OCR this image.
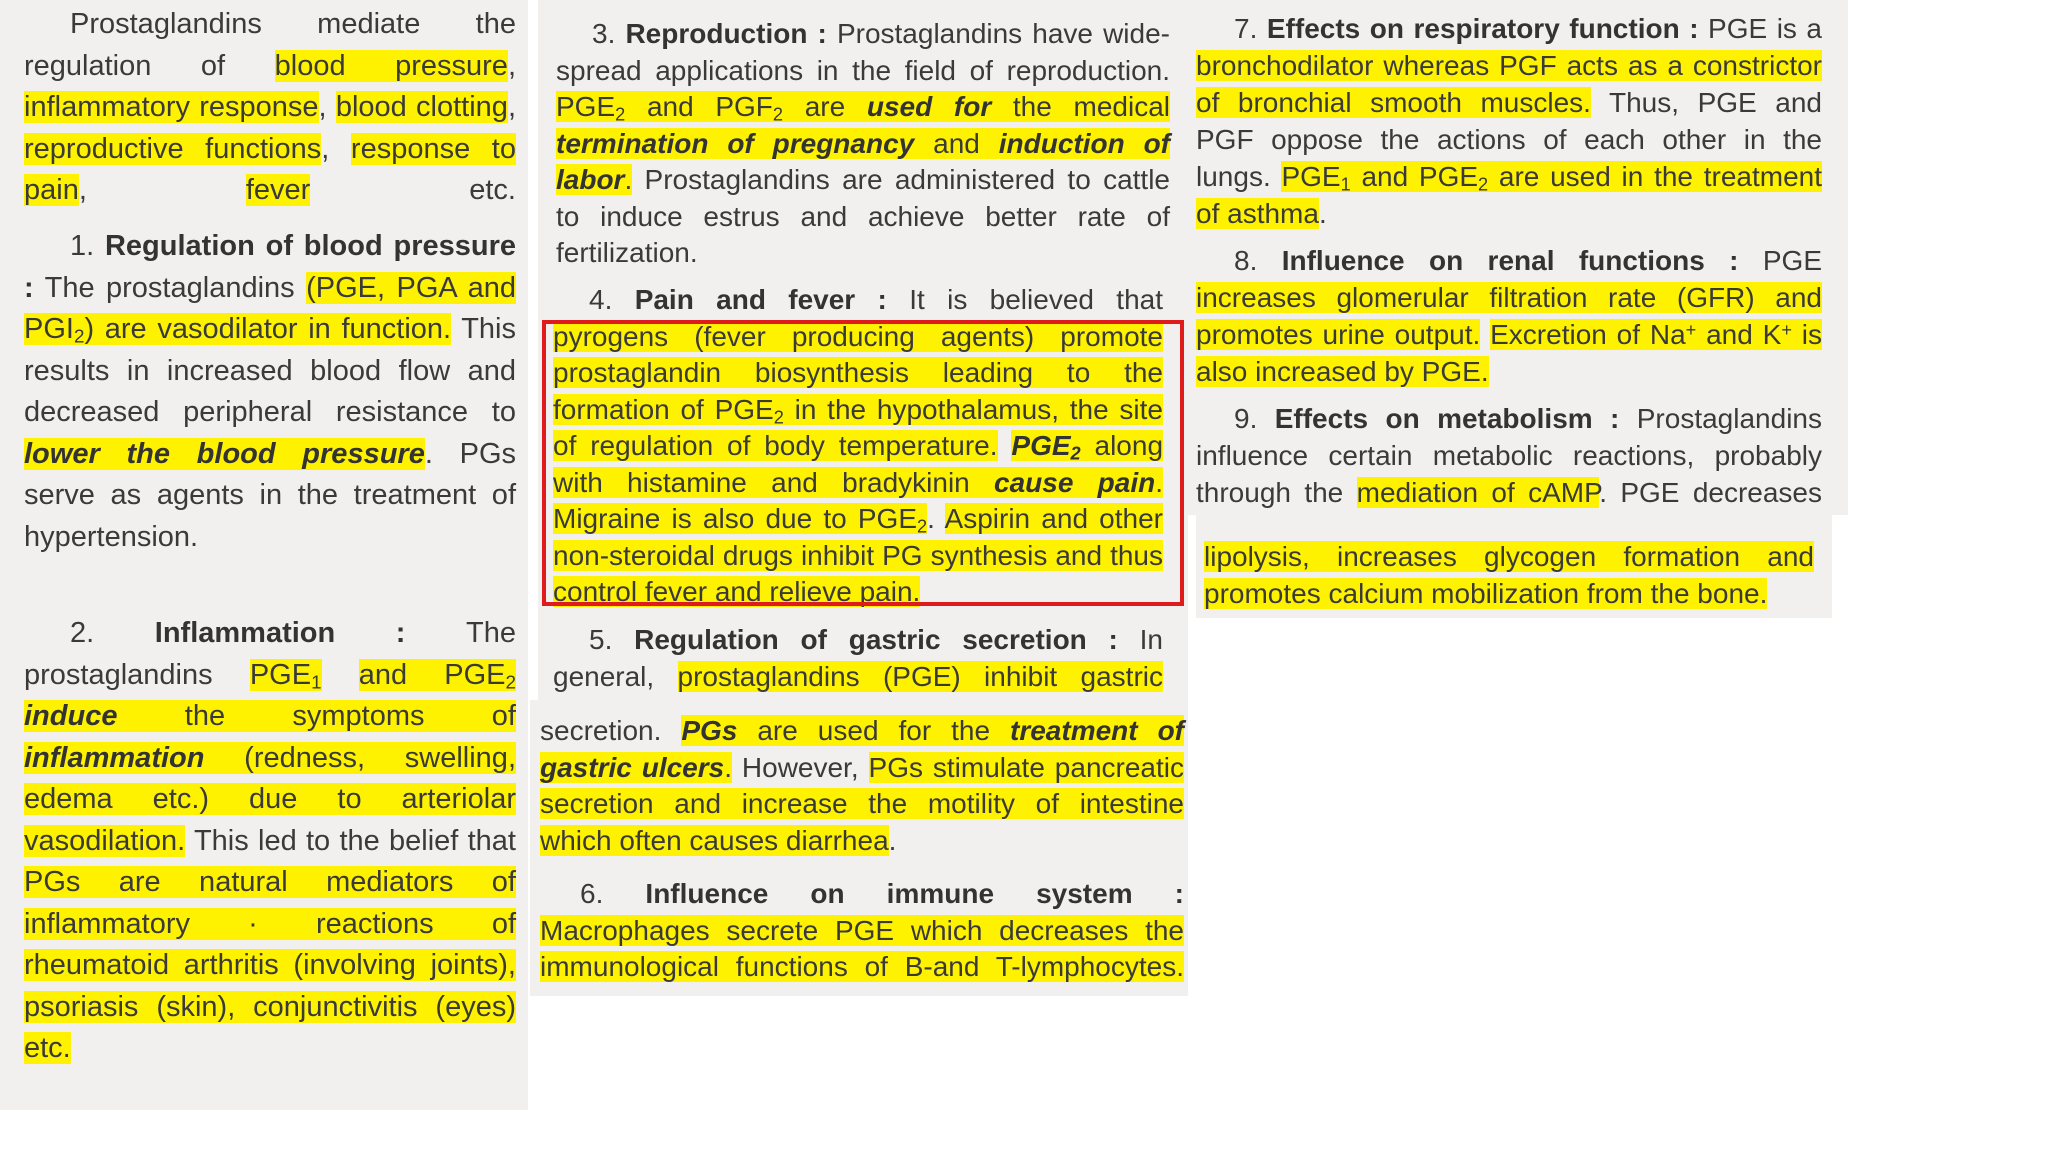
Prostaglandins mediate the regulation of blood pressure, inflammatory response, blood clotting, reproductive functions, response to pain, fever etc.

1. Regulation of blood pressure : The prostaglandins (PGE, PGA and $PGI_2$) are vasodilator in function. This results in increased blood flow and decreased peripheral resistance to lower the blood pressure. PGs serve as agents in the treatment of hypertension.

2. Inflammation : The prostaglandins $PGE_1$ and $PGE_2$ induce the symptoms of inflammation (redness, swelling, edema etc.) due to arteriolar vasodilation. This led to the belief that PGs are natural mediators of inflammatory · reactions of rheumatoid arthritis (involving joints), psoriasis (skin), conjunctivitis (eyes) etc.

3. Reproduction : Prostaglandins have wide-spread applications in the field of reproduction. $PGE_2$ and $PGF_2$ are used for the medical termination of pregnancy and induction of labor. Prostaglandins are administered to cattle to induce estrus and achieve better rate of fertilization.

4. Pain and fever : It is believed that pyrogens (fever producing agents) promote prostaglandin biosynthesis leading to the formation of $PGE_2$ in the hypothalamus, the site of regulation of body temperature. $PGE_2$ along with histamine and bradykinin cause pain. Migraine is also due to $PGE_2$. Aspirin and other non-steroidal drugs inhibit PG synthesis and thus control fever and relieve pain.

5. Regulation of gastric secretion : In general, prostaglandins (PGE) inhibit gastric

secretion. PGs are used for the treatment of gastric ulcers. However, PGs stimulate pancreatic secretion and increase the motility of intestine which often causes diarrhea.

6. Influence on immune system : Macrophages secrete PGE which decreases the immunological functions of B-and T-lymphocytes.

7. Effects on respiratory function : PGE is a bronchodilator whereas PGF acts as a constrictor of bronchial smooth muscles. Thus, PGE and PGF oppose the actions of each other in the lungs. $PGE_1$ and $PGE_2$ are used in the treatment of asthma.

8. Influence on renal functions : PGE increases glomerular filtration rate (GFR) and promotes urine output. Excretion of Na+ and K+ is also increased by PGE.

9. Effects on metabolism : Prostaglandins influence certain metabolic reactions, probably through the mediation of cAMP. PGE decreases

lipolysis, increases glycogen formation and promotes calcium mobilization from the bone.
